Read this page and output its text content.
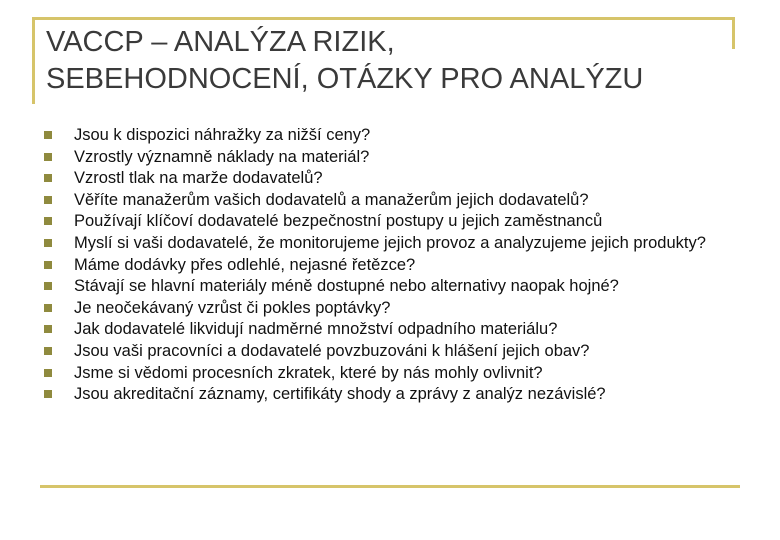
VACCP – ANALÝZA RIZIK,
SEBEHODNOCENÍ, OTÁZKY PRO ANALÝZU
Jsou k dispozici náhražky za nižší ceny?
Vzrostly významně náklady na materiál?
Vzrostl tlak na marže dodavatelů?
Věříte manažerům vašich dodavatelů a manažerům jejich dodavatelů?
Používají klíčoví dodavatelé bezpečnostní postupy u jejich zaměstnanců
Myslí si vaši dodavatelé, že monitorujeme jejich provoz a analyzujeme jejich produkty?
Máme dodávky přes odlehlé, nejasné řetězce?
Stávají se hlavní materiály méně dostupné nebo alternativy naopak hojné?
Je neočekávaný vzrůst či pokles poptávky?
Jak dodavatelé likvidují nadměrné množství odpadního materiálu?
Jsou vaši pracovníci a dodavatelé povzbuzováni k hlášení jejich obav?
Jsme si vědomi procesních zkratek, které by nás mohly ovlivnit?
Jsou akreditační záznamy, certifikáty shody a zprávy z analýz nezávislé?
